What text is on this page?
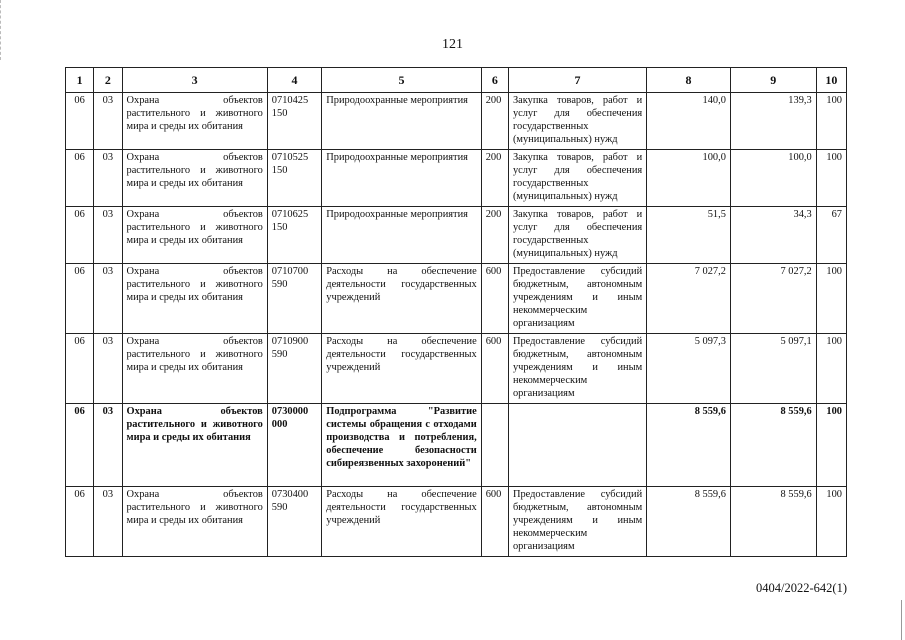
121
1	2	3	4	5	6	7	8	9	10
06	03	Охрана объектов растительного и животного мира и среды их обитания	0710425 150	Природоохранные мероприятия	200	Закупка товаров, работ и услуг для обеспечения государственных (муниципальных) нужд	140,0	139,3	100
06	03	Охрана объектов растительного и животного мира и среды их обитания	0710525 150	Природоохранные мероприятия	200	Закупка товаров, работ и услуг для обеспечения государственных (муниципальных) нужд	100,0	100,0	100
06	03	Охрана объектов растительного и животного мира и среды их обитания	0710625 150	Природоохранные мероприятия	200	Закупка товаров, работ и услуг для обеспечения государственных (муниципальных) нужд	51,5	34,3	67
06	03	Охрана объектов растительного и животного мира и среды их обитания	0710700 590	Расходы на обеспечение деятельности государственных учреждений	600	Предоставление субсидий бюджетным, автономным учреждениям и иным некоммерческим организациям	7 027,2	7 027,2	100
06	03	Охрана объектов растительного и животного мира и среды их обитания	0710900 590	Расходы на обеспечение деятельности государственных учреждений	600	Предоставление субсидий бюджетным, автономным учреждениям и иным некоммерческим организациям	5 097,3	5 097,1	100
06	03	Охрана объектов растительного и животного мира и среды их обитания	0730000 000	Подпрограмма "Развитие системы обращения с отходами производства и потребления, обеспечение безопасности сибиреязвенных захоронений"			8 559,6	8 559,6	100
06	03	Охрана объектов растительного и животного мира и среды их обитания	0730400 590	Расходы на обеспечение деятельности государственных учреждений	600	Предоставление субсидий бюджетным, автономным учреждениям и иным некоммерческим организациям	8 559,6	8 559,6	100
0404/2022-642(1)
